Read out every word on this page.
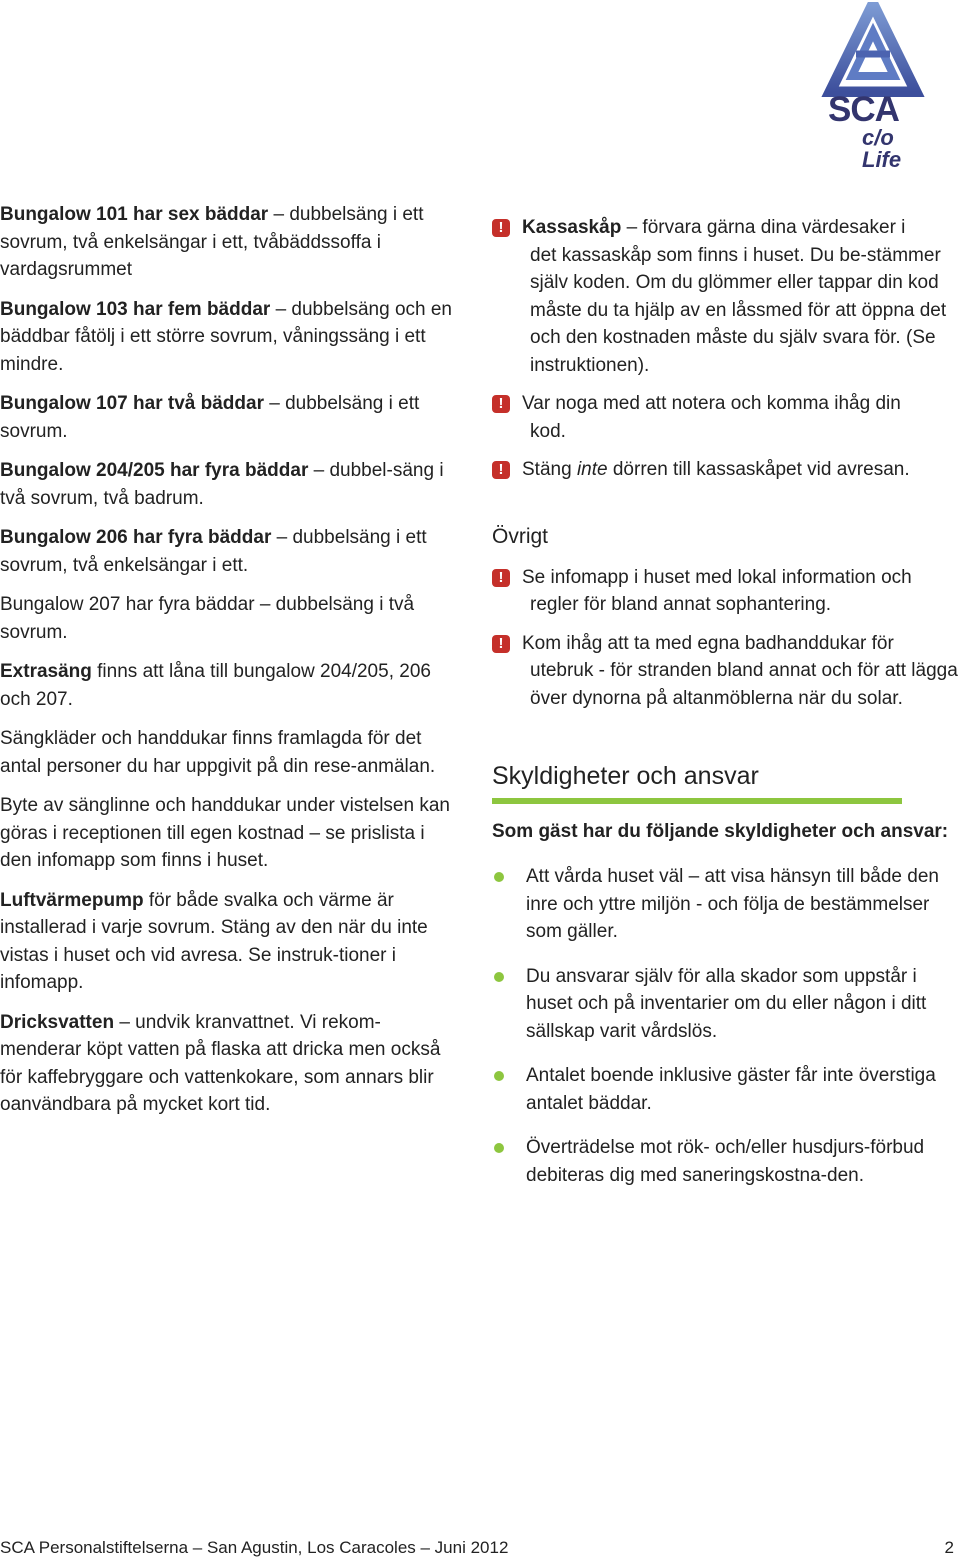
SCA
c/o Life

Bungalow 101 har sex bäddar – dubbelsäng i ett sovrum, två enkelsängar i ett, tvåbäddssoffa i vardagsrummet

Bungalow 103 har fem bäddar – dubbelsäng och en bäddbar fåtölj i ett större sovrum, våningssäng i ett mindre.

Bungalow 107 har två bäddar – dubbelsäng i ett sovrum.

Bungalow 204/205 har fyra bäddar – dubbel-säng i två sovrum, två badrum.

Bungalow 206 har fyra bäddar – dubbelsäng i ett sovrum, två enkelsängar i ett.

Bungalow 207 har fyra bäddar – dubbelsäng i två sovrum.

Extrasäng finns att låna till bungalow 204/205, 206 och 207.

Sängkläder och handdukar finns framlagda för det antal personer du har uppgivit på din rese-anmälan.

Byte av sänglinne och handdukar under vistelsen kan göras i receptionen till egen kostnad – se prislista i den infomapp som finns i huset.

Luftvärmepump för både svalka och värme är installerad i varje sovrum. Stäng av den när du inte vistas i huset och vid avresa. Se instruk-tioner i infomapp.

Dricksvatten – undvik kranvattnet. Vi rekom-menderar köpt vatten på flaska att dricka men också för kaffebryggare och vattenkokare, som annars blir oanvändbara på mycket kort tid.

! Kassaskåp – förvara gärna dina värdesaker i
det kassaskåp som finns i huset. Du be-stämmer själv koden. Om du glömmer eller tappar din kod måste du ta hjälp av en låssmed för att öppna det och den kostnaden måste du själv svara för. (Se instruktionen).
! Var noga med att notera och komma ihåg din
kod.
! Stäng inte dörren till kassaskåpet vid avresan.
Övrigt
! Se infomapp i huset med lokal information och
regler för bland annat sophantering.
! Kom ihåg att ta med egna badhanddukar för
utebruk - för stranden bland annat och för att lägga över dynorna på altanmöblerna när du solar.
Skyldigheter och ansvar
Som gäst har du följande skyldigheter och ansvar:
Att vårda huset väl – att visa hänsyn till både den inre och yttre miljön - och följa de bestämmelser som gäller.
Du ansvarar själv för alla skador som uppstår i huset och på inventarier om du eller någon i ditt sällskap varit vårdslös.
Antalet boende inklusive gäster får inte överstiga antalet bäddar.
Överträdelse mot rök- och/eller husdjurs-förbud debiteras dig med saneringskostna-den.
SCA Personalstiftelserna – San Agustin, Los Caracoles – Juni 2012	2
